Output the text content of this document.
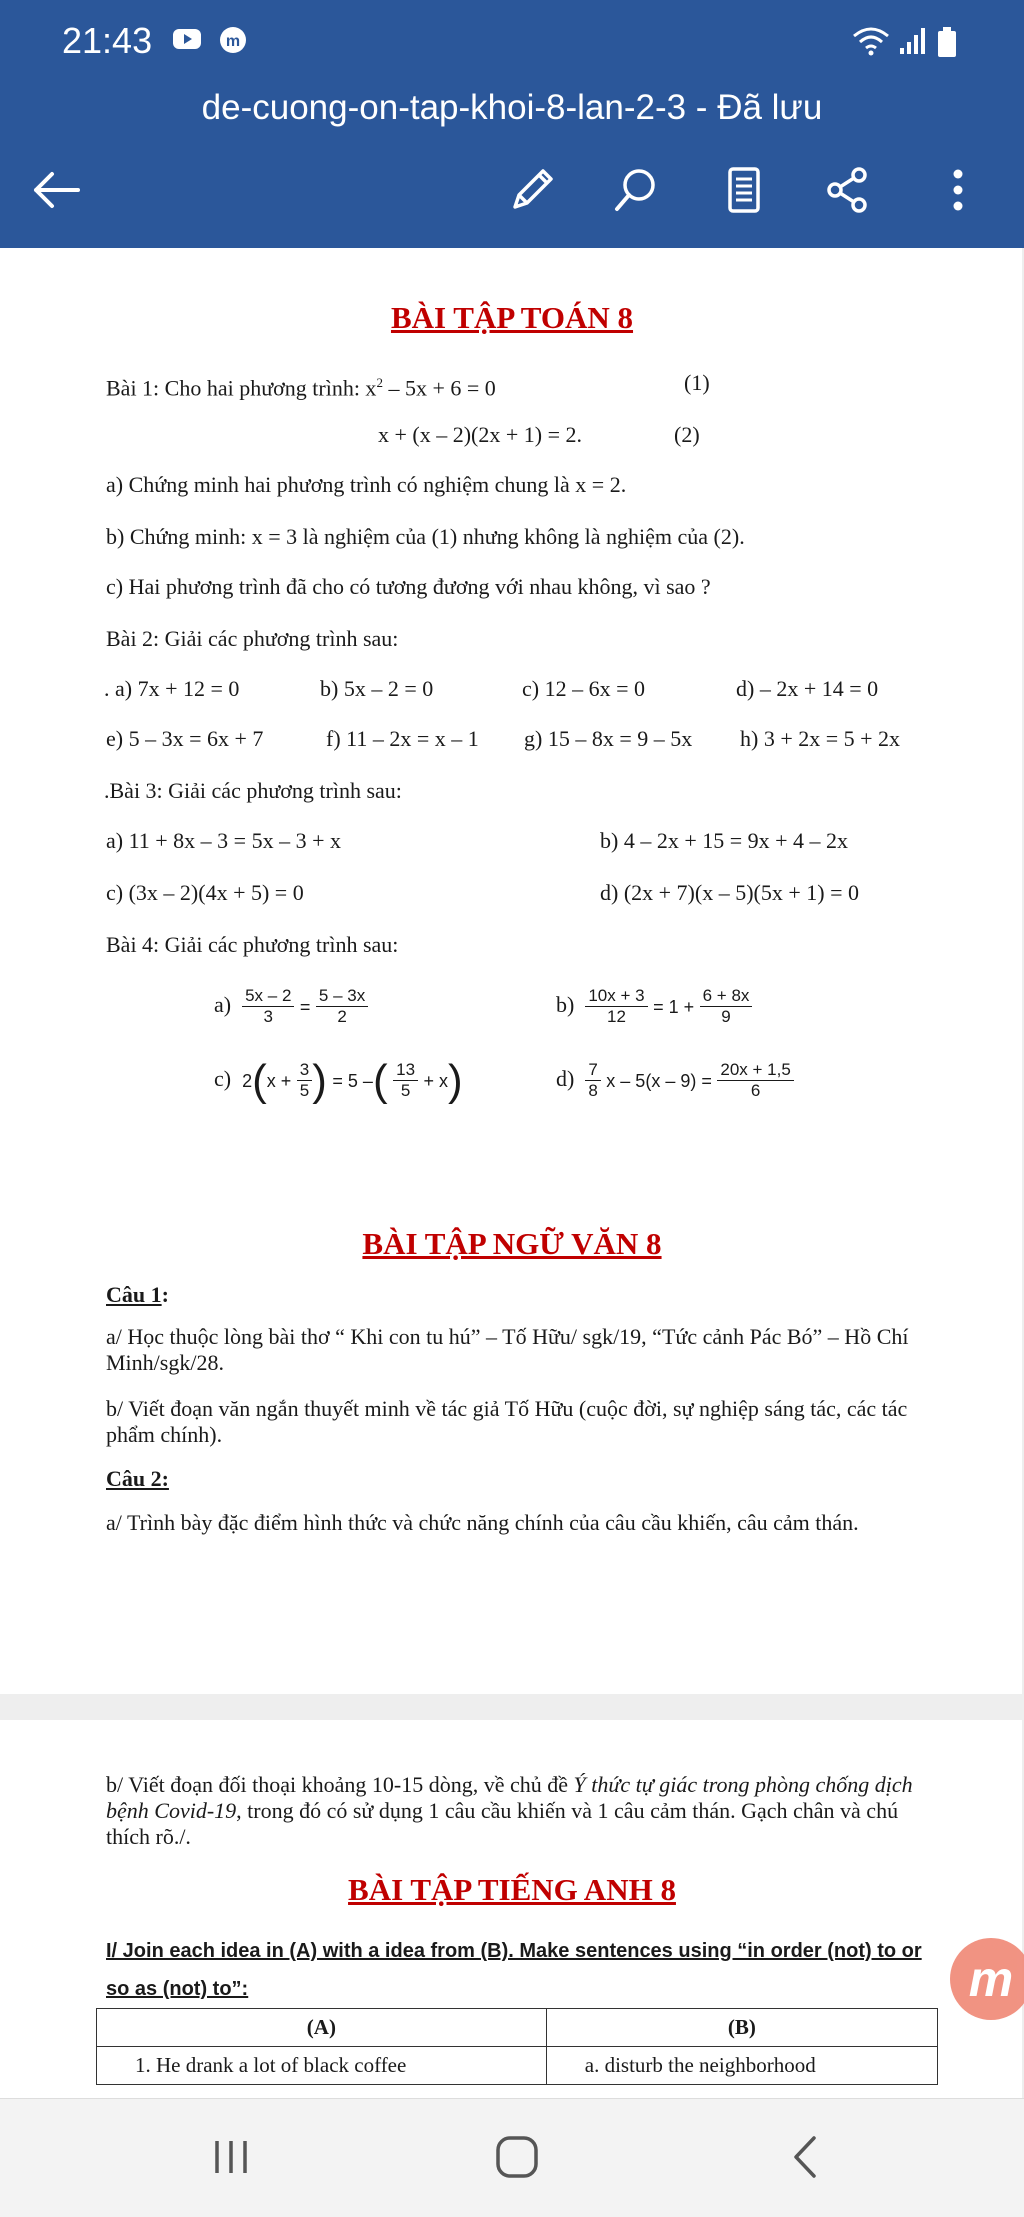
21:43	m
de-cuong-on-tap-khoi-8-lan-2-3 - Đã lưu
BÀI TẬP TOÁN 8
Bài 1: Cho hai phương trình: $x^2 - 5x + 6 = 0$	(1)
x + (x – 2)(2x + 1) = 2.	(2)
a) Chứng minh hai phương trình có nghiệm chung là x = 2.
b) Chứng minh: x = 3 là nghiệm của (1) nhưng không là nghiệm của (2).
c) Hai phương trình đã cho có tương đương với nhau không, vì sao ?
Bài 2: Giải các phương trình sau:
. a) 7x + 12 = 0	b) 5x – 2 = 0	c) 12 – 6x = 0	d) – 2x + 14 = 0
e) 5 – 3x = 6x + 7	f) 11 – 2x = x – 1 g) 15 – 8x = 9 – 5x h) 3 + 2x = 5 + 2x
.Bài 3: Giải các phương trình sau:
a) 11 + 8x – 3 = 5x – 3 + x	b) 4 – 2x + 15 = 9x + 4 – 2x
c) (3x – 2)(4x + 5) = 0	d) (2x + 7)(x – 5)(5x + 1) = 0
Bài 4: Giải các phương trình sau:
$a) \frac{5x - 2}{3} = \frac{5 - 3x}{2}$	$b) \frac{10x + 3}{12} = 1 + \frac{6 + 8x}{9}$
c) $2(x + \frac{3}{5}$ ) = 5 –( $\frac{13}{5} + x$)	$d) \frac{7}{8}$ $x - 5(x - 9) = \frac{20x + 1,5}{6}$
BÀI TẬP NGỮ VĂN 8
Câu 1:
a/ Học thuộc lòng bài thơ “ Khi con tu hú” – Tố Hữu/ sgk/19, “Tức cảnh Pác Bó” – Hồ Chí Minh/sgk/28.
b/ Viết đoạn văn ngắn thuyết minh về tác giả Tố Hữu (cuộc đời, sự nghiệp sáng tác, các tác phẩm chính).
Câu 2:
a/ Trình bày đặc điểm hình thức và chức năng chính của câu cầu khiến, câu cảm thán.
b/ Viết đoạn đối thoại khoảng 10-15 dòng, về chủ đề Ý thức tự giác trong phòng chống dịch bệnh Covid-19, trong đó có sử dụng 1 câu cầu khiến và 1 câu cảm thán. Gạch chân và chú thích rõ./.
BÀI TẬP TIẾNG ANH 8
I/ Join each idea in (A) with a idea from (B). Make sentences using “in order (not) to or so as (not) to”:
(A)	(B)
1. He drank a lot of black coffee	a. disturb the neighborhood
m
